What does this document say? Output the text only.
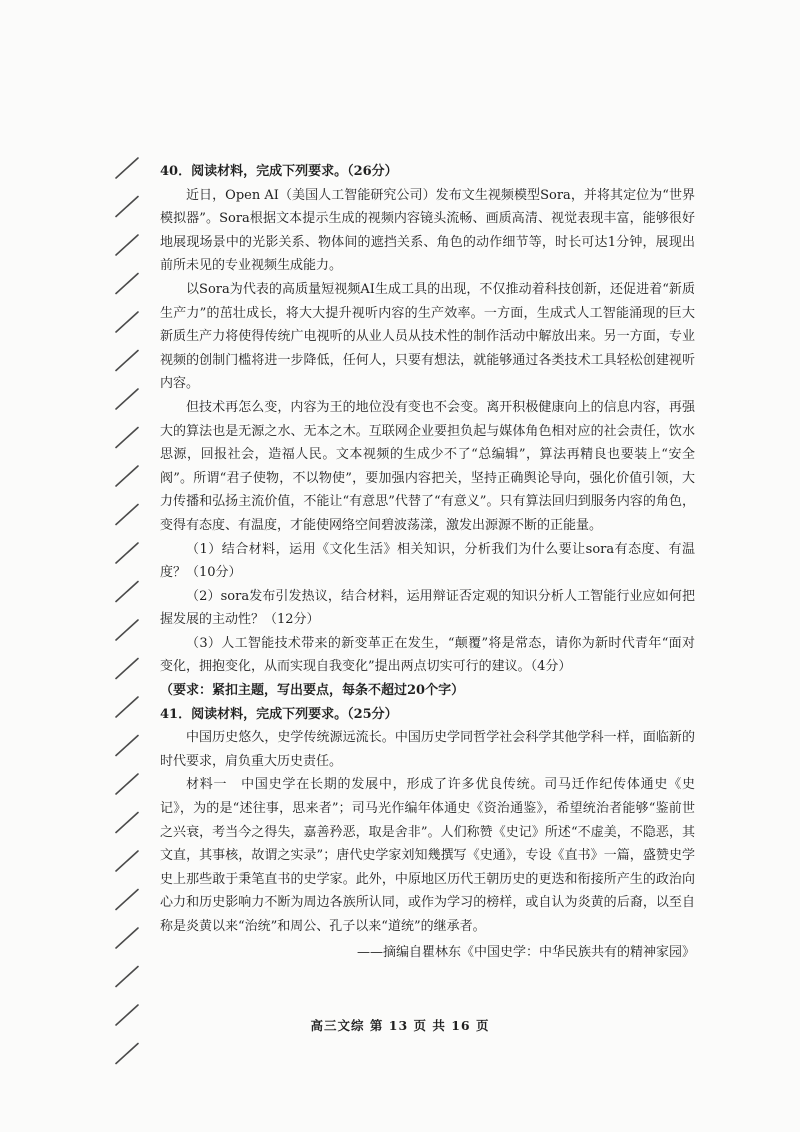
40．阅读材料，完成下列要求。（26分）

近日，Open AI（美国人工智能研究公司）发布文生视频模型Sora，并将其定位为“世界模拟器”。Sora根据文本提示生成的视频内容镜头流畅、画质高清、视觉表现丰富，能够很好地展现场景中的光影关系、物体间的遮挡关系、角色的动作细节等，时长可达1分钟，展现出前所未见的专业视频生成能力。

以Sora为代表的高质量短视频AI生成工具的出现，不仅推动着科技创新，还促进着“新质生产力”的茁壮成长，将大大提升视听内容的生产效率。一方面，生成式人工智能涌现的巨大新质生产力将使得传统广电视听的从业人员从技术性的制作活动中解放出来。另一方面，专业视频的创制门槛将进一步降低，任何人，只要有想法，就能够通过各类技术工具轻松创建视听内容。

但技术再怎么变，内容为王的地位没有变也不会变。离开积极健康向上的信息内容，再强大的算法也是无源之水、无本之木。互联网企业要担负起与媒体角色相对应的社会责任，饮水思源，回报社会，造福人民。文本视频的生成少不了“总编辑”，算法再精良也要装上“安全阀”。所谓“君子使物，不以物使”，要加强内容把关，坚持正确舆论导向，强化价值引领，大力传播和弘扬主流价值，不能让“有意思”代替了“有意义”。只有算法回归到服务内容的角色，变得有态度、有温度，才能使网络空间碧波荡漾，激发出源源不断的正能量。

（1）结合材料，运用《文化生活》相关知识，分析我们为什么要让sora有态度、有温度？（10分）

（2）sora发布引发热议，结合材料，运用辩证否定观的知识分析人工智能行业应如何把握发展的主动性？（12分）

（3）人工智能技术带来的新变革正在发生，“颠覆”将是常态，请你为新时代青年“面对变化，拥抱变化，从而实现自我变化”提出两点切实可行的建议。（4分）

（要求：紧扣主题，写出要点，每条不超过20个字）

41．阅读材料，完成下列要求。（25分）

中国历史悠久，史学传统源远流长。中国历史学同哲学社会科学其他学科一样，面临新的时代要求，肩负重大历史责任。

材料一　中国史学在长期的发展中，形成了许多优良传统。司马迁作纪传体通史《史记》，为的是“述往事，思来者”；司马光作编年体通史《资治通鉴》，希望统治者能够“鉴前世之兴衰，考当今之得失，嘉善矜恶，取是舍非”。人们称赞《史记》所述“不虚美，不隐恶，其文直，其事核，故谓之实录”；唐代史学家刘知幾撰写《史通》，专设《直书》一篇，盛赞史学史上那些敢于秉笔直书的史学家。此外，中原地区历代王朝历史的更迭和衔接所产生的政治向心力和历史影响力不断为周边各族所认同，或作为学习的榜样，或自认为炎黄的后裔，以至自称是炎黄以来“治统”和周公、孔子以来“道统”的继承者。

——摘编自瞿林东《中国史学：中华民族共有的精神家园》

高三文综 第 13 页 共 16 页
